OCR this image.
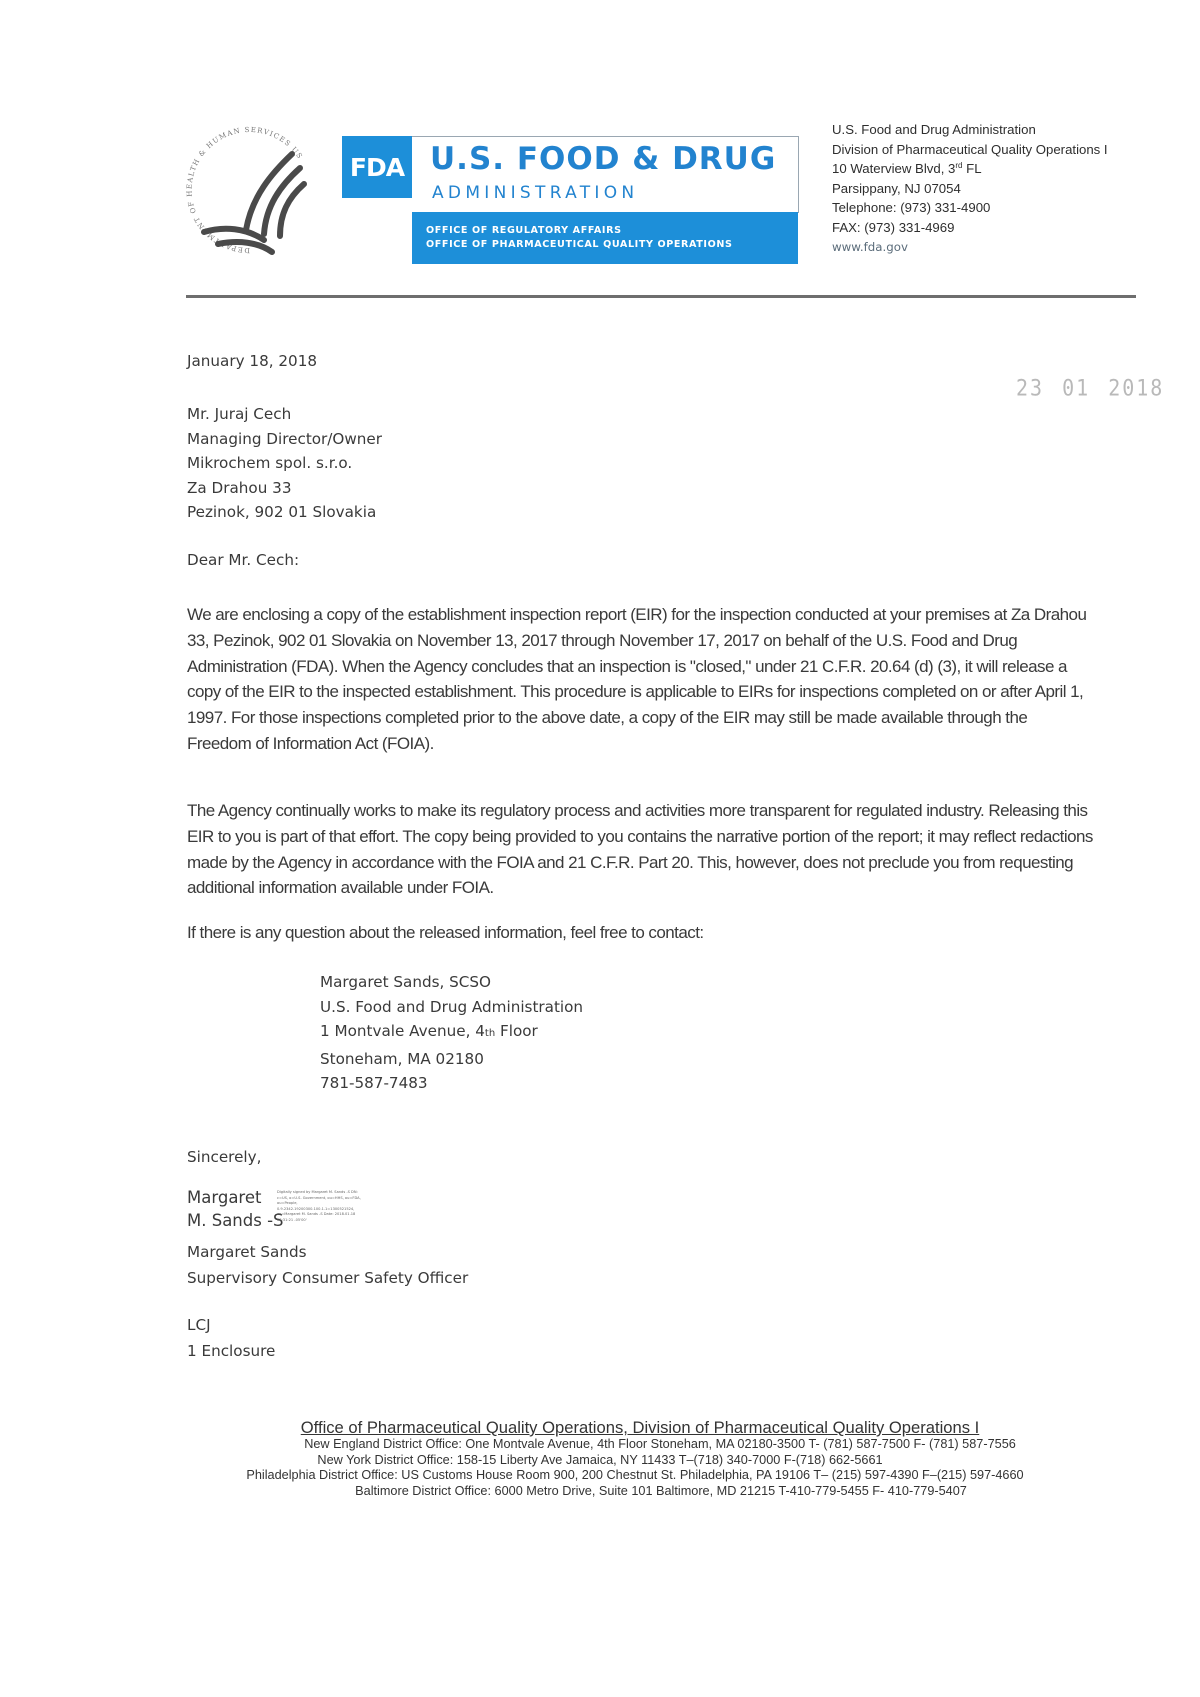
DEPARTMENT OF HEALTH & HUMAN SERVICES US	FDA U.S. FOOD & DRUG
ADMINISTRATION
OFFICE OF REGULATORY AFFAIRS
OFFICE OF PHARMACEUTICAL QUALITY OPERATIONS
U.S. Food and Drug Administration
Division of Pharmaceutical Quality Operations I
10 Waterview Blvd, 3rd FL
Parsippany, NJ 07054
Telephone: (973) 331-4900
FAX: (973) 331-4969
www.fda.gov
23 01 2018
January 18, 2018
Mr. Juraj Cech
Managing Director/Owner
Mikrochem spol. s.r.o.
Za Drahou 33
Pezinok, 902 01 Slovakia
Dear Mr. Cech:
We are enclosing a copy of the establishment inspection report (EIR) for the inspection conducted at your premises at Za Drahou 33, Pezinok, 902 01 Slovakia on November 13, 2017 through November 17, 2017 on behalf of the U.S. Food and Drug Administration (FDA). When the Agency concludes that an inspection is "closed," under 21 C.F.R. 20.64 (d) (3), it will release a copy of the EIR to the inspected establishment. This procedure is applicable to EIRs for inspections completed on or after April 1, 1997. For those inspections completed prior to the above date, a copy of the EIR may still be made available through the Freedom of Information Act (FOIA).
The Agency continually works to make its regulatory process and activities more transparent for regulated industry. Releasing this EIR to you is part of that effort. The copy being provided to you contains the narrative portion of the report; it may reflect redactions made by the Agency in accordance with the FOIA and 21 C.F.R. Part 20. This, however, does not preclude you from requesting additional information available under FOIA.
If there is any question about the released information, feel free to contact:
Margaret Sands, SCSO
U.S. Food and Drug Administration
1 Montvale Avenue, 4th Floor
Stoneham, MA 02180
781-587-7483
Sincerely,
Margaret
M. Sands -S
Digitally signed by Margaret M. Sands -S DN: c=US, o=U.S. Government, ou=HHS, ou=FDA, ou=People, 0.9.2342.19200300.100.1.1=1300521524, cn=Margaret M. Sands -S Date: 2018.01.18 08:31:21 -05'00'
Margaret Sands
Supervisory Consumer Safety Officer
LCJ
1 Enclosure
Office of Pharmaceutical Quality Operations, Division of Pharmaceutical Quality Operations I
New England District Office: One Montvale Avenue, 4th Floor Stoneham, MA 02180-3500 T- (781) 587-7500 F- (781) 587-7556
New York District Office: 158-15 Liberty Ave Jamaica, NY 11433 T–(718) 340-7000 F-(718) 662-5661
Philadelphia District Office: US Customs House Room 900, 200 Chestnut St. Philadelphia, PA 19106 T– (215) 597-4390 F–(215) 597-4660
Baltimore District Office: 6000 Metro Drive, Suite 101 Baltimore, MD 21215 T-410-779-5455 F- 410-779-5407
